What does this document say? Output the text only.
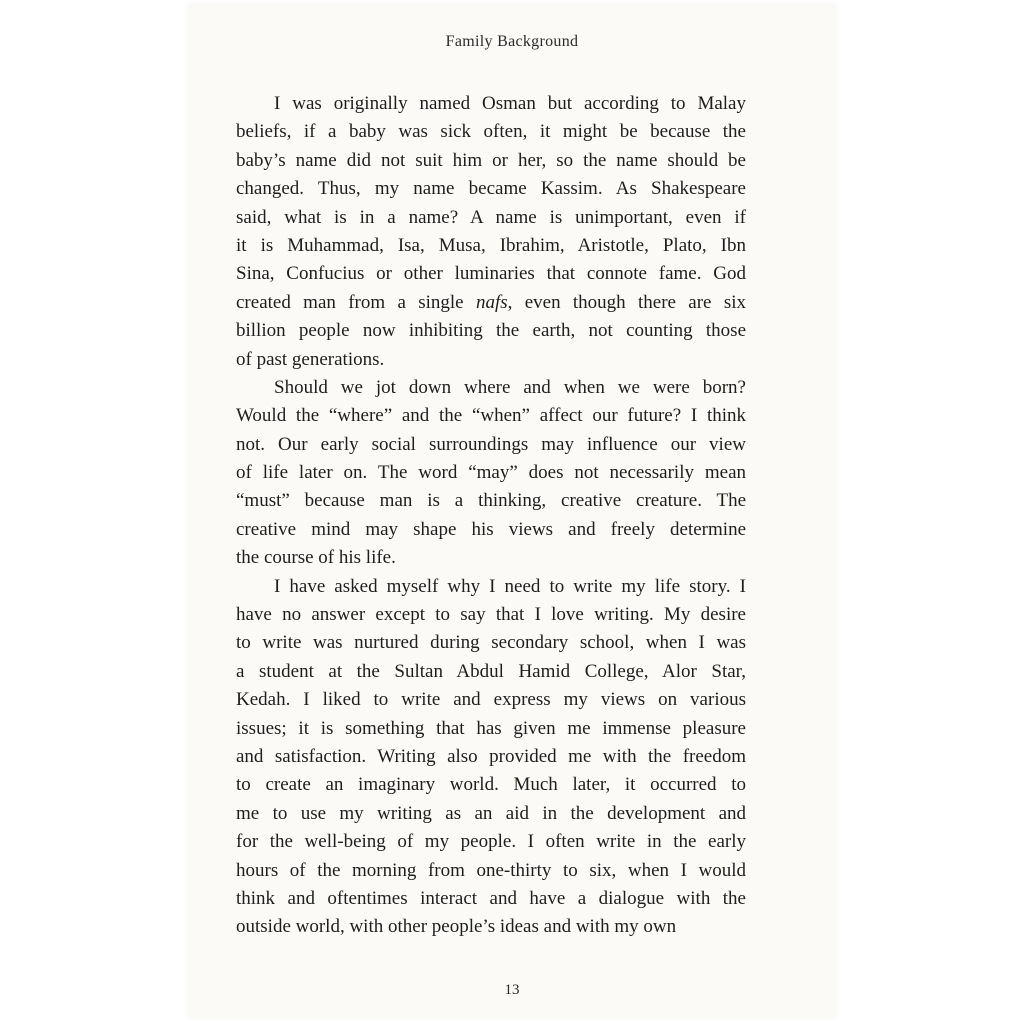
Family Background
I was originally named Osman but according to Malay
beliefs, if a baby was sick often, it might be because the
baby’s name did not suit him or her, so the name should be
changed. Thus, my name became Kassim. As Shakespeare
said, what is in a name? A name is unimportant, even if
it is Muhammad, Isa, Musa, Ibrahim, Aristotle, Plato, Ibn
Sina, Confucius or other luminaries that connote fame. God
created man from a single nafs, even though there are six
billion people now inhibiting the earth, not counting those
of past generations.
Should we jot down where and when we were born?
Would the “where” and the “when” affect our future? I think
not. Our early social surroundings may influence our view
of life later on. The word “may” does not necessarily mean
“must” because man is a thinking, creative creature. The
creative mind may shape his views and freely determine
the course of his life.
I have asked myself why I need to write my life story. I
have no answer except to say that I love writing. My desire
to write was nurtured during secondary school, when I was
a student at the Sultan Abdul Hamid College, Alor Star,
Kedah. I liked to write and express my views on various
issues; it is something that has given me immense pleasure
and satisfaction. Writing also provided me with the freedom
to create an imaginary world. Much later, it occurred to
me to use my writing as an aid in the development and
for the well-being of my people. I often write in the early
hours of the morning from one-thirty to six, when I would
think and oftentimes interact and have a dialogue with the
outside world, with other people’s ideas and with my own
13
